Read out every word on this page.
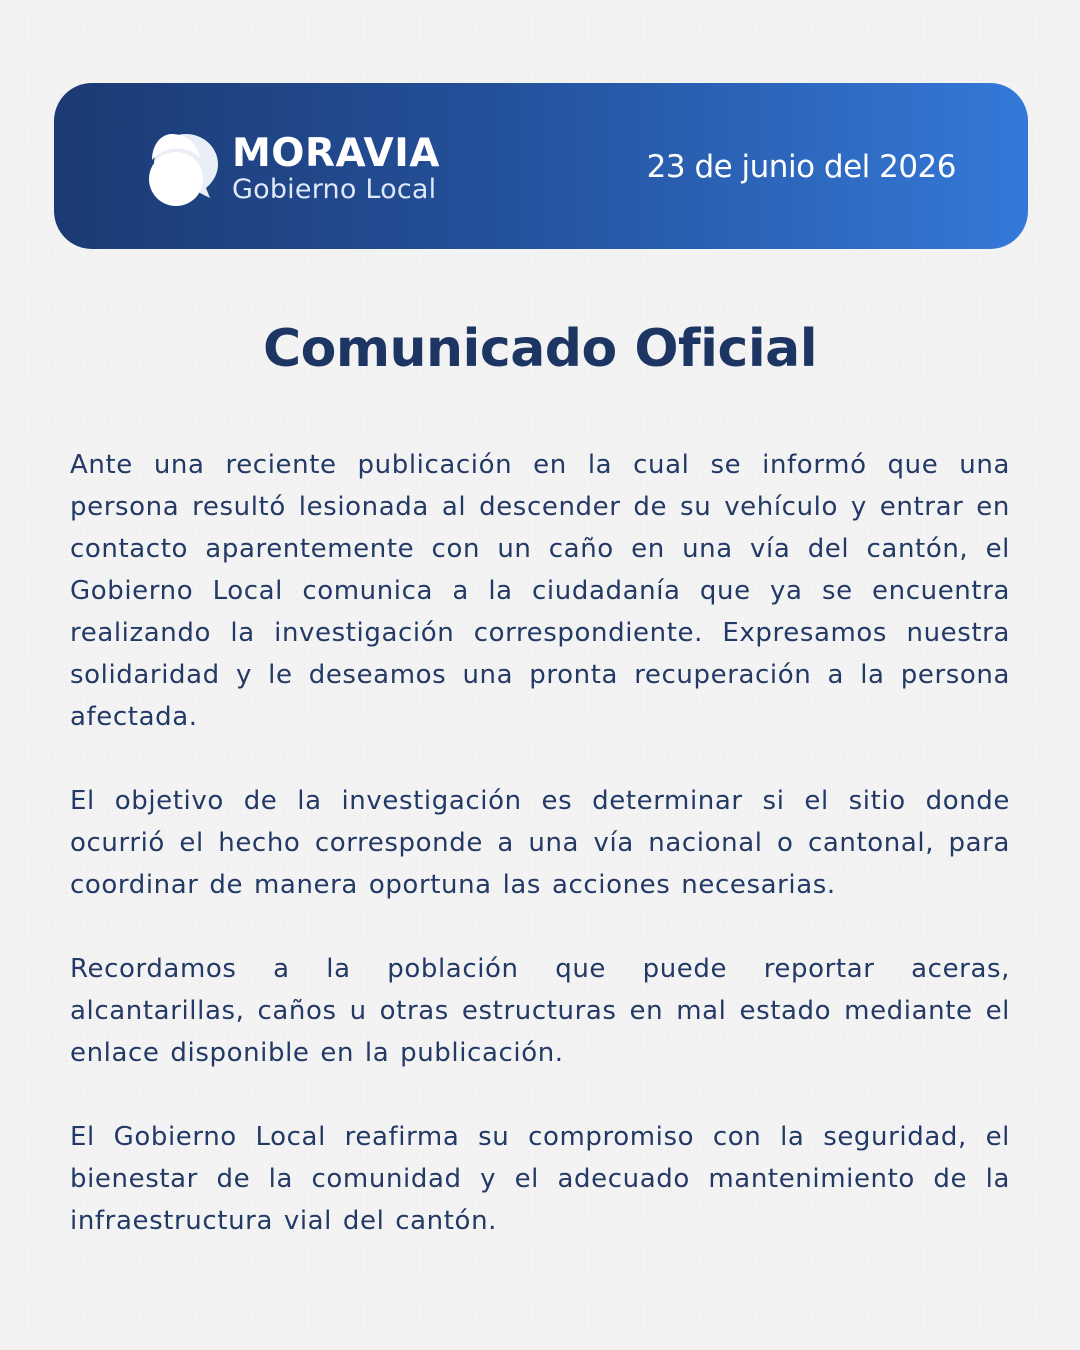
MORAVIA
Gobierno Local
23 de junio del 2026
Comunicado Oficial

Ante una reciente publicación en la cual se informó que una persona resultó lesionada al descender de su vehículo y entrar en contacto aparentemente con un caño en una vía del cantón, el Gobierno Local comunica a la ciudadanía que ya se encuentra realizando la investigación correspondiente. Expresamos nuestra solidaridad y le deseamos una pronta recuperación a la persona afectada.

El objetivo de la investigación es determinar si el sitio donde ocurrió el hecho corresponde a una vía nacional o cantonal, para coordinar de manera oportuna las acciones necesarias.

Recordamos a la población que puede reportar aceras, alcantarillas, caños u otras estructuras en mal estado mediante el enlace disponible en la publicación.

El Gobierno Local reafirma su compromiso con la seguridad, el bienestar de la comunidad y el adecuado mantenimiento de la infraestructura vial del cantón.
